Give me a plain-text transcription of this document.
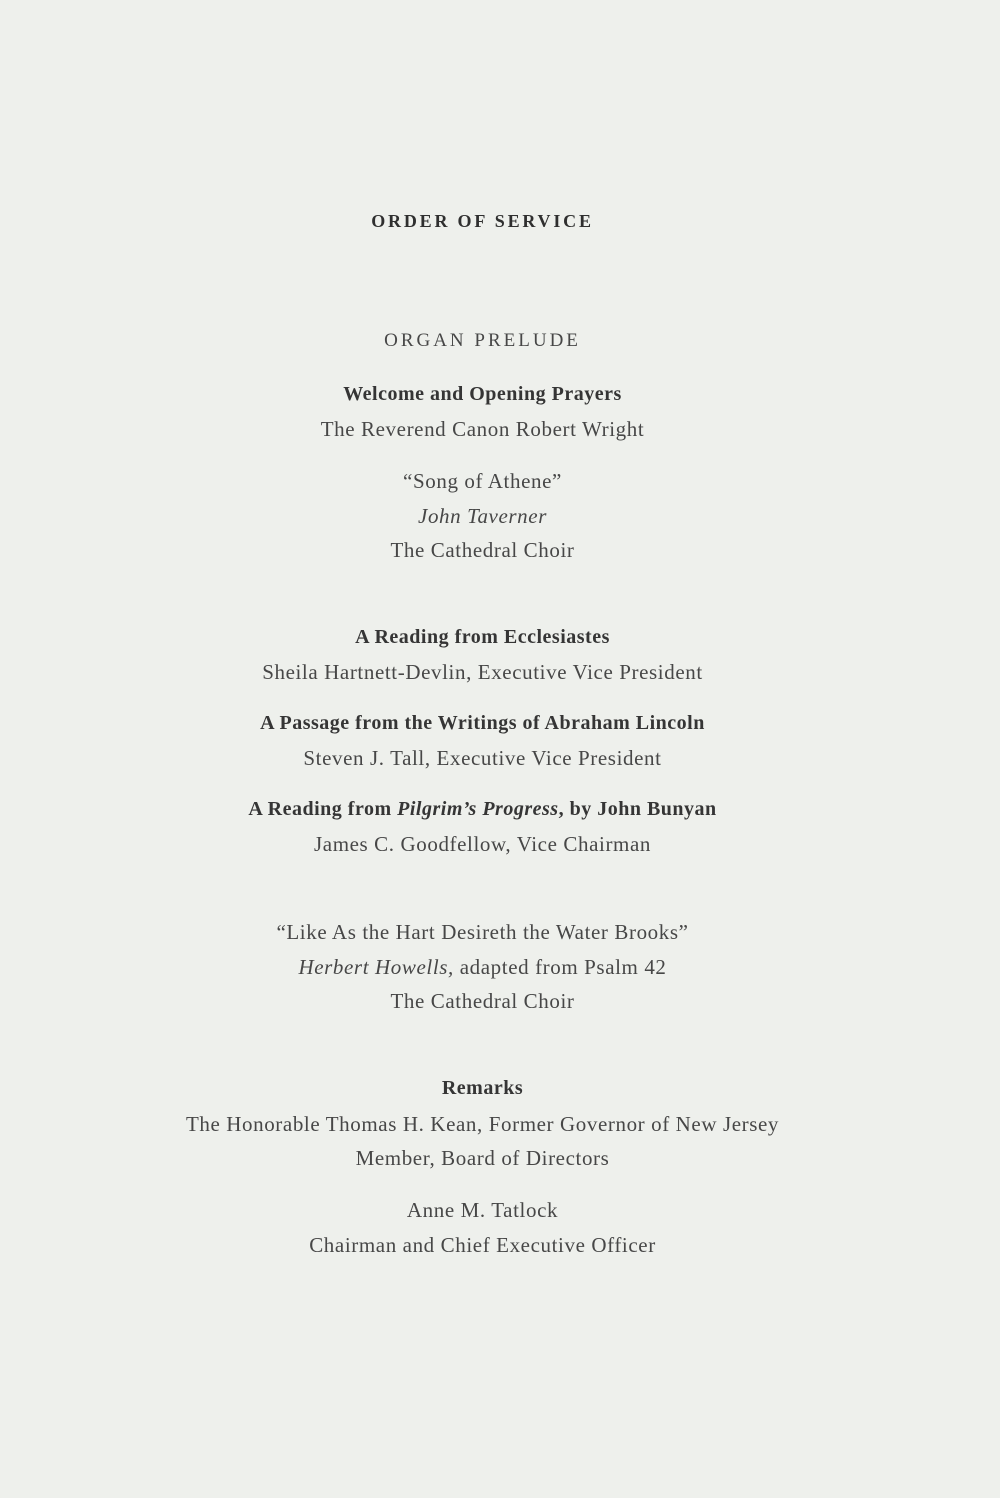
ORDER OF SERVICE
ORGAN PRELUDE
Welcome and Opening Prayers
The Reverend Canon Robert Wright
“Song of Athene”
John Taverner
The Cathedral Choir
A Reading from Ecclesiastes
Sheila Hartnett-Devlin, Executive Vice President
A Passage from the Writings of Abraham Lincoln
Steven J. Tall, Executive Vice President
A Reading from Pilgrim’s Progress, by John Bunyan
James C. Goodfellow, Vice Chairman
“Like As the Hart Desireth the Water Brooks”
Herbert Howells, adapted from Psalm 42
The Cathedral Choir
Remarks
The Honorable Thomas H. Kean, Former Governor of New Jersey
Member, Board of Directors
Anne M. Tatlock
Chairman and Chief Executive Officer
